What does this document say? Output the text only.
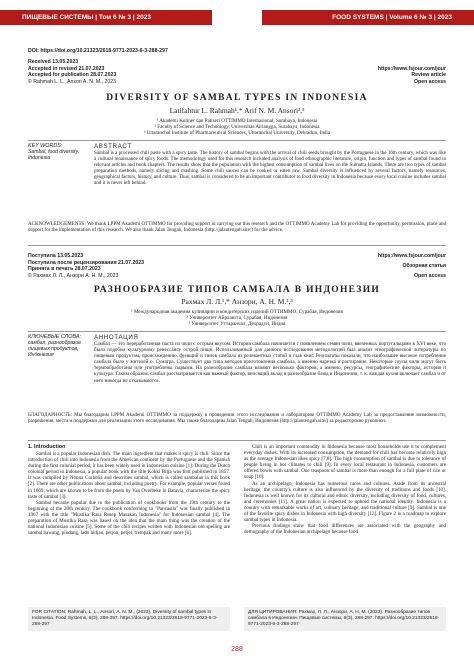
ПИЩЕВЫЕ СИСТЕМЫ | Том 6 № 3 | 2023	FOOD SYSTEMS | Volume 6 № 3 | 2023
DOI: https://doi.org/10.21323/2618-9771-2023-6-3-288-297
Received 13.05.2023
Accepted in revised 21.07.2023
Accepted for publication 28.07.2023
© Rahmah L. L., Ansori A. N. M., 2023
https://www.fsjour.com/jour
Review article
Open access
DIVERSITY OF SAMBAL TYPES IN INDONESIA
Latifahtur L. Rahmah¹,* Arif N. M. Ansori²,³
¹ Akademi Kuliner dan Patiseri OTTIMMO Internasional, Surabaya, Indonesia
² Faculty of Science and Technology, Universitas Airlangga, Surabaya, Indonesia
³ Uttaranchal Institute of Pharmaceutical Sciences, Uttaranchal University, Dehradun, India
KEY WORDS:
Sambal, food diversity, Indonesia
ABSTRACT
Sambal is a processed chili paste with a spicy taste. The history of sambal begins with the arrival of chili seeds brought by the Portuguese in the 16th century, which was like a cultural renaissance of spicy foods. The methodology used for this research included analysis of food ethnographic literature, origin, function and types of sambal found in relevant articles and book chapters. The results show that the population with the highest consumption of sambal lives on the Sumatra Islands. There are two types of sambal preparation methods, namely slicing and mashing. Some chili sauces can be cooked or eaten raw. Sambal diversity is influenced by several factors, namely resources, geographical factors, history, and culture. Thus, sambal is considered to be an important contributor to food diversity in Indonesia because every local cuisine includes sambal and it is never left behind.
ACKNOWLEDGEMENTS: We thank LPPM Akademi OTTIMMO for providing support in carrying out this research and the OTTIMMO Academy Lab for providing the opportunity, permission, place and support for the implementation of this research. We also thank Jalan Tengah, Indonesia (http://jalantengah.site/) for the advice.
Поступила 13.05.2023
Поступила после рецензирования 21.07.2023
Принята в печать 28.07.2023
© Рахмах Л. Л., Анзори А. Н. М., 2023
https://www.fsjour.com/jour
Обзорная статья
Open access
РАЗНООБРАЗИЕ ТИПОВ САМБАЛА В ИНДОНЕЗИИ
Рахмах Л. Л.¹,* Анзори, А. Н. М.²,³
¹ Международная академия кулинарии и кондитерских изделий ОТТИММО, Сурабая, Индонезия
² Университет Айрлангга, Сурабая, Индонезия
³ Университет Уттаранчал, Дехрадун, Индия
КЛЮЧЕВЫЕ СЛОВА:
самбал, разнообразие пищевых продуктов, Индонезия
АННОТАЦИЯ
Самбал — это переработанная паста из чили с острым вкусом. История самбала начинается с появлением семян чили, ввезенных португальцами в XVI веке, что было подобно культурному ренессансу острой пищи. Использованный для данного исследования методологией был анализ этнографической литературы по пищевым продуктам, происхождению, функций и типов самбала из релевантных статей и глав книг. Результаты показали, что наибольшее высокое потребление самбала было у жителей о. Суматра. Существует два типа методов приготовления самбала, а именно нарезка и растирание. Некоторые соусы чили могут быть термообработаны или употреблены сырыми. На разнообразие самбала влияют несколько факторов, а именно, ресурсы, географические факторы, история и культура. Таким образом, самбал рассматривается как важный фактор, вносящий вклад в разнообразие блюд в Индонезии, т. к. каждая кухня включает самбал и от него никогда не отказываются.
БЛАГОДАРНОСТЬ: Мы благодарим LPPM Akademi OTTIMMO за поддержку в проведении этого исследования и лабораторию OTTIMMO Academy Lab за предоставление возможности, разрешения, места и поддержки для реализации этого исследования. Мы также благодарим Jalan Tengah, Индонезия (http://jalantengah.site/) за редакторские рукописи.
1. Introduction

Sambal is a popular Indonesian dish. The main ingredient that makes it spicy is chili. Since the introduction of chili into Indonesia from the American continent by the Portuguese and the Spanish during the first colonial period, it has been widely used in Indonesian cuisine [1]. During the Dutch colonial period in Indonesia, a popular book with the title Kokki Bitja was first published in 1857. It was compiled by Nonna Cornelia and describes sambal, which is called sambalan in this book [2]. There are other publications about sambal, including poetry. For example, popular verses found in 1669, which are known to be from the poem by Van Overbeke in Batavia, characterize the spicy taste of sambal [3].

Sambal became popular due to the publication of cookbooks from the 19th century to the beginning of the 20th century. The cookbook conforming to "Pancasila" was finally published in 1967 with the title "Mustika Rasa Resep Masakan Indonesia" for Indonesian sambal [4]. The preparation of Mustika Rasa was based on the idea that the main thing was the creation of the national Indonesian cuisine [5]. Some of the chili recipes written with Indonesian old spelling are sambal bawang, pindang, lado hidjau, petjon, petjel, trempak and many more [6].

Chili is an important commodity in Indonesia because most households use it to complement everyday dishes. With its increased consumption, the demand for chili has become relatively high as the average Indonesian likes spicy [7,8]. The high consumption of sambal is due to tolerance of people living in hot climates to chili [9]. In every local restaurant in Indonesia, customers are offered bowls with sambal. One teaspoon of sambal is more than enough for a full plate of rice or soup [10].

As an archipelago, Indonesia has numerous races and cultures. Aside from its ancestral heritage, the country's culture is also influenced by the diversity of traditions and foods [10]. Indonesia is well known for its cultural and ethnic diversity, including diversity of food, cultures, and ceremonies [11]. A great nation is expected to uphold the national identity. Indonesia is a country with remarkable works of art, culinary heritage, and traditional culture [9]. Sambal is one of the favorite spicy dishes in Indonesia with high diversity [12]. Figure 2 is a roadmap to explore sambal types in Indonesia.

Previous findings show that food differences are associated with the geography and demography of the Indonesian archipelago because food

FOR CITATION: Rahmah, L. L., Ansori, A. N. M., (2023). Diversity of sambal types in Indonesia. Food Systems, 6(3), 288-297. https://doi.org/10.21323/2618-9771-2023-6-3-288-297
ДЛЯ ЦИТИРОВАНИЯ: Рахмах, Л. Л., Анзори, А. Н. М. (2023). Разнообразие типов самбала в Индонезии. Пищевые системы, 6(3), 288-297. https://doi.org/10.21323/2618-9771-2023-6-3-288-297
288
